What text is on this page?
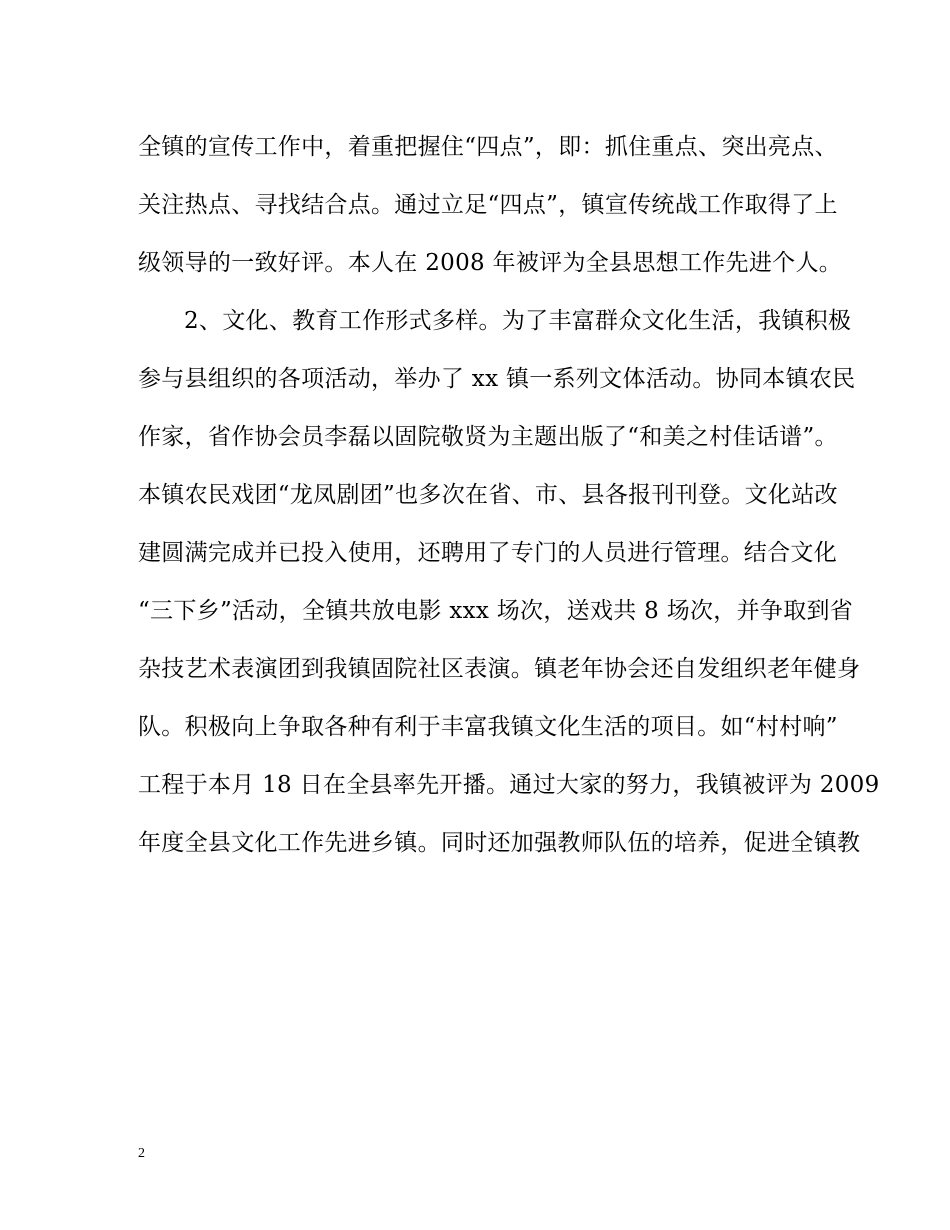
全镇的宣传工作中，着重把握住“四点”，即：抓住重点、突出亮点、
关注热点、寻找结合点。通过立足“四点”，镇宣传统战工作取得了上
级领导的一致好评。本人在 2008 年被评为全县思想工作先进个人。
2、文化、教育工作形式多样。为了丰富群众文化生活，我镇积极
参与县组织的各项活动，举办了 xx 镇一系列文体活动。协同本镇农民
作家，省作协会员李磊以固院敬贤为主题出版了“和美之村佳话谱”。
本镇农民戏团“龙凤剧团”也多次在省、市、县各报刊刊登。文化站改
建圆满完成并已投入使用，还聘用了专门的人员进行管理。结合文化
“三下乡”活动，全镇共放电影 xxx 场次，送戏共 8 场次，并争取到省
杂技艺术表演团到我镇固院社区表演。镇老年协会还自发组织老年健身
队。积极向上争取各种有利于丰富我镇文化生活的项目。如“村村响”
工程于本月 18 日在全县率先开播。通过大家的努力，我镇被评为 2009
年度全县文化工作先进乡镇。同时还加强教师队伍的培养，促进全镇教
2
